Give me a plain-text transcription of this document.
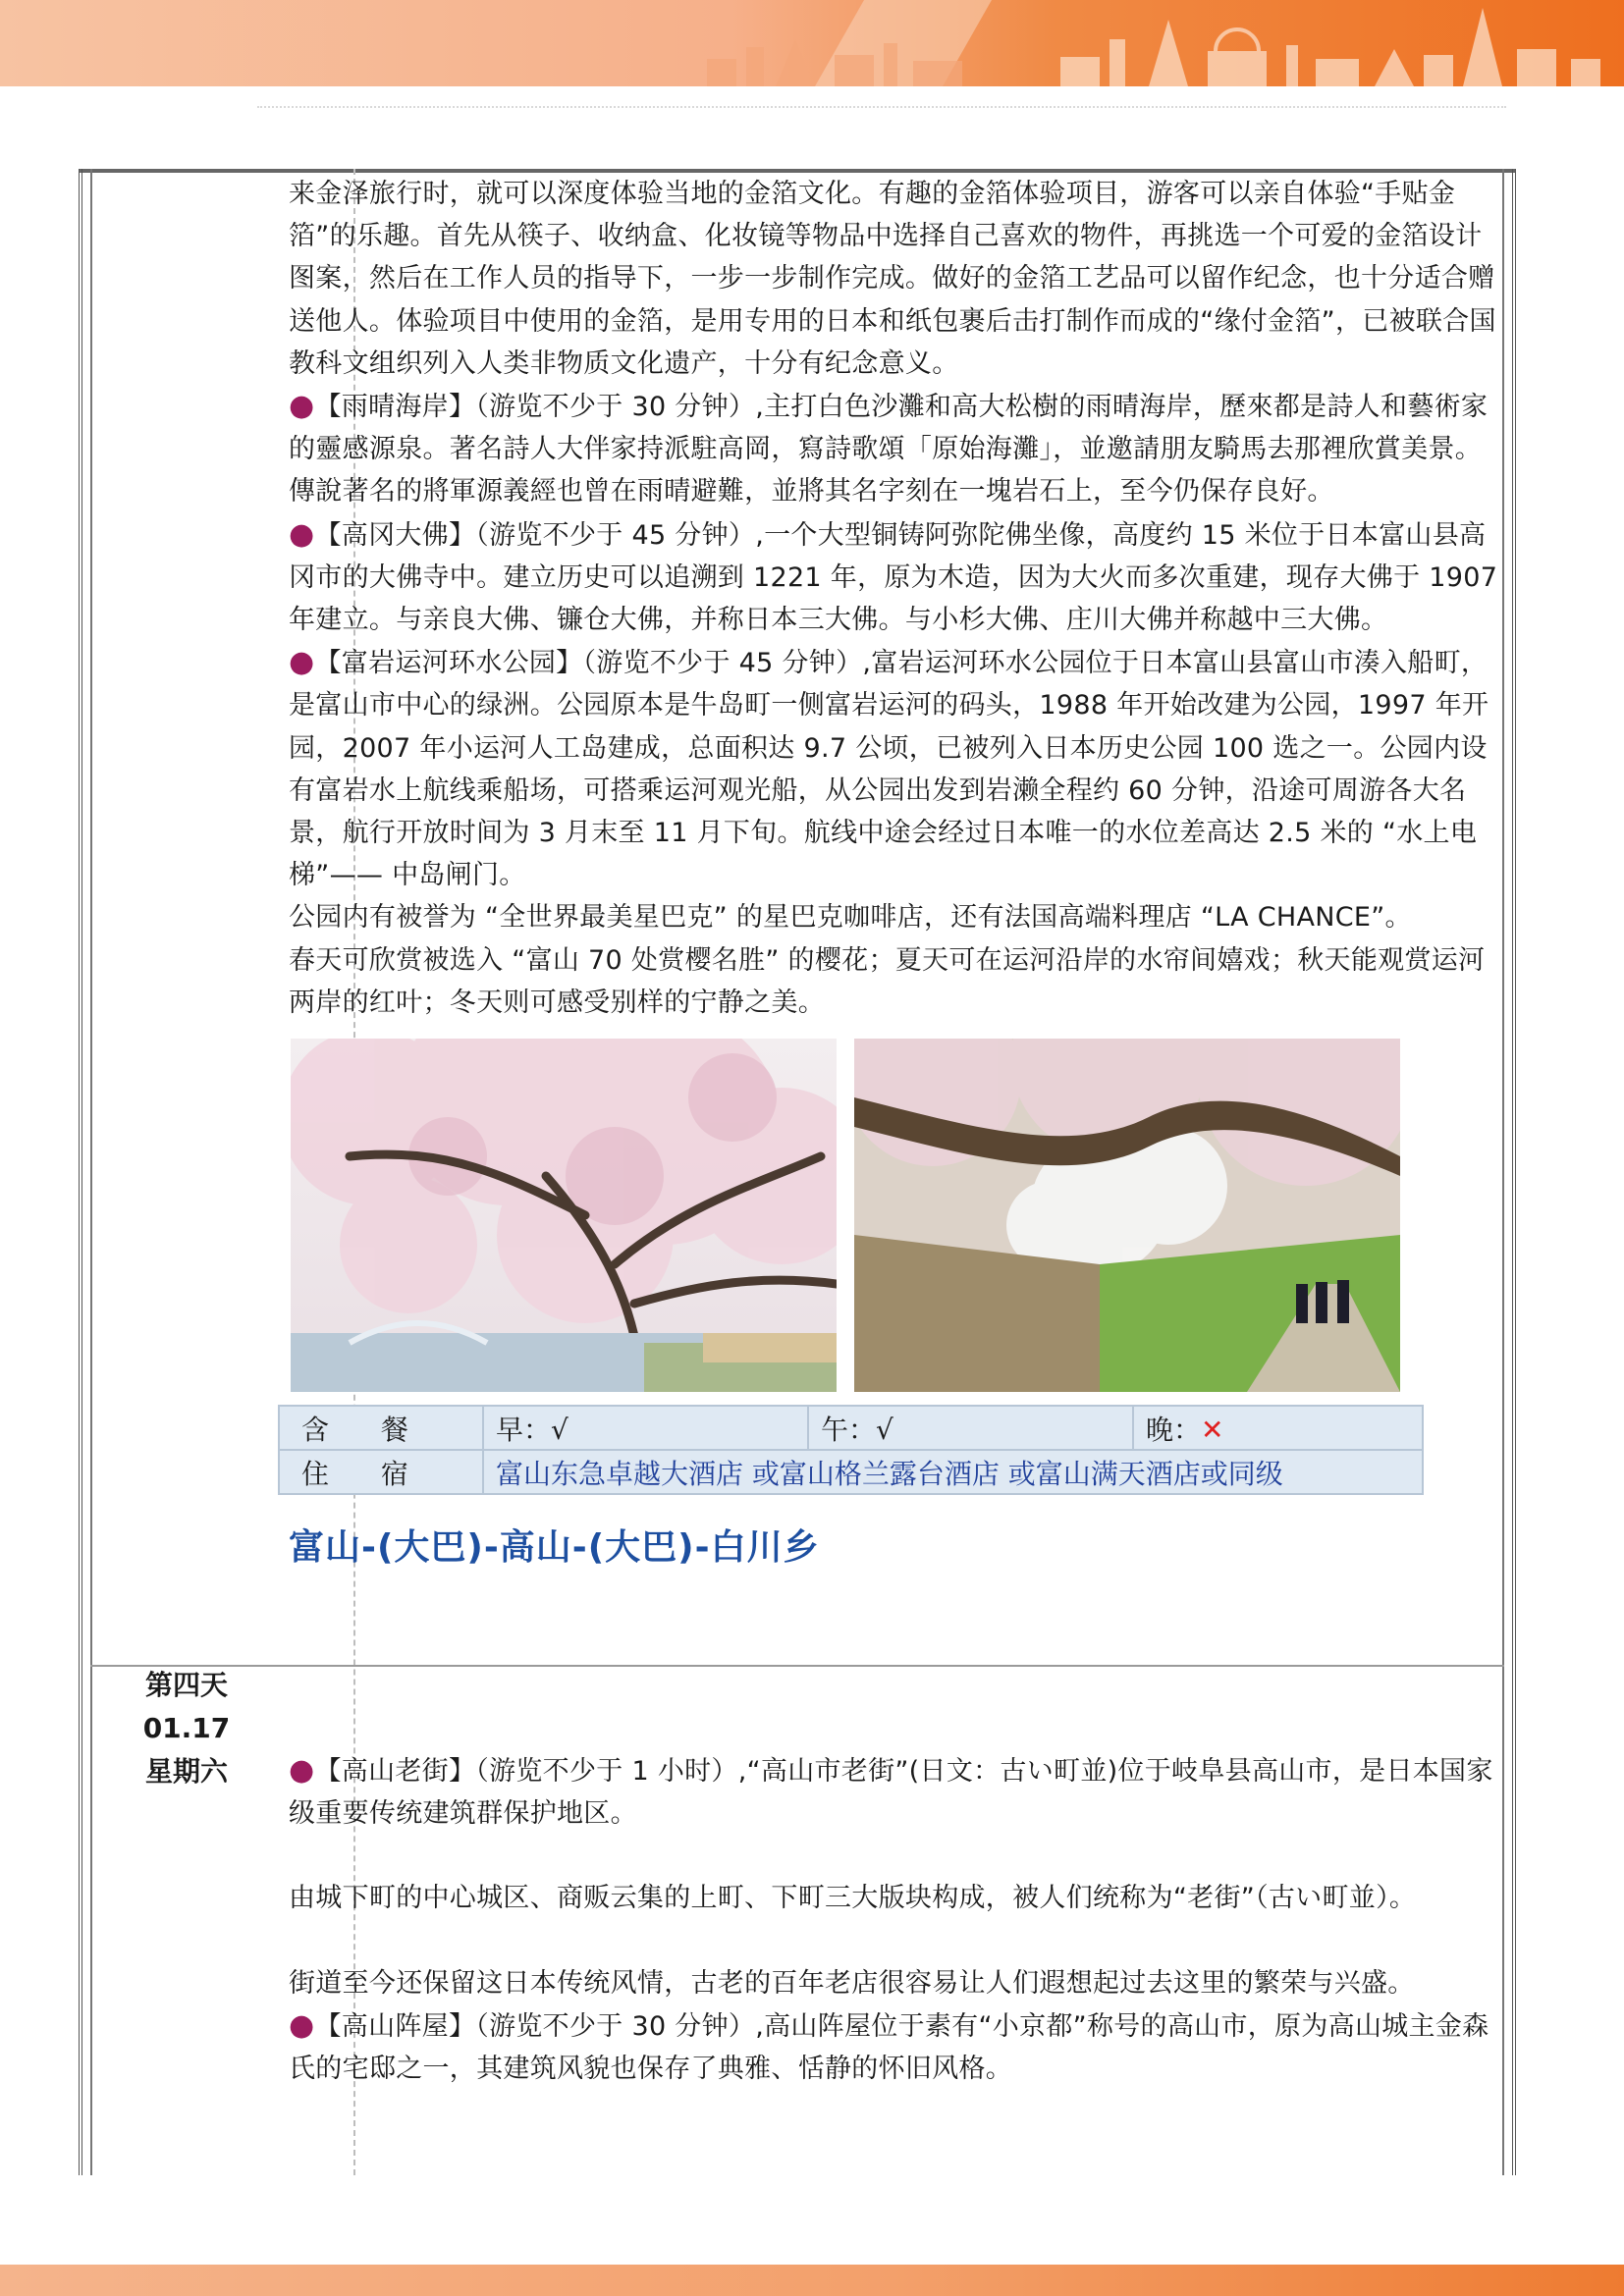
来金泽旅行时，就可以深度体验当地的金箔文化。有趣的金箔体验项目，游客可以亲自体验“手贴金箔”的乐趣。首先从筷子、收纳盒、化妆镜等物品中选择自己喜欢的物件，再挑选一个可爱的金箔设计图案，然后在工作人员的指导下，一步一步制作完成。做好的金箔工艺品可以留作纪念，也十分适合赠送他人。体验项目中使用的金箔，是用专用的日本和纸包裹后击打制作而成的“缘付金箔”，已被联合国教科文组织列入人类非物质文化遗产，十分有纪念意义。

●【雨晴海岸】（游览不少于 30 分钟）,主打白色沙灘和高大松樹的雨晴海岸，歷來都是詩人和藝術家的靈感源泉。著名詩人大伴家持派駐高岡，寫詩歌頌「原始海灘」，並邀請朋友騎馬去那裡欣賞美景。傳說著名的將軍源義經也曾在雨晴避難，並將其名字刻在一塊岩石上，至今仍保存良好。

●【高冈大佛】（游览不少于 45 分钟）,一个大型铜铸阿弥陀佛坐像，高度约 15 米位于日本富山县高冈市的大佛寺中。建立历史可以追溯到 1221 年，原为木造，因为大火而多次重建，现存大佛于 1907 年建立。与亲良大佛、镰仓大佛，并称日本三大佛。与小杉大佛、庄川大佛并称越中三大佛。

●【富岩运河环水公园】（游览不少于 45 分钟）,富岩运河环水公园位于日本富山县富山市湊入船町，是富山市中心的绿洲。公园原本是牛岛町一侧富岩运河的码头，1988 年开始改建为公园，1997 年开园，2007 年小运河人工岛建成，总面积达 9.7 公顷，已被列入日本历史公园 100 选之一。公园内设有富岩水上航线乘船场，可搭乘运河观光船，从公园出发到岩濑全程约 60 分钟，沿途可周游各大名景，航行开放时间为 3 月末至 11 月下旬。航线中途会经过日本唯一的水位差高达 2.5 米的 “水上电梯”—— 中岛闸门。

公园内有被誉为 “全世界最美星巴克” 的星巴克咖啡店，还有法国高端料理店 “LA CHANCE”。

春天可欣赏被选入 “富山 70 处赏樱名胜” 的樱花；夏天可在运河沿岸的水帘间嬉戏；秋天能观赏运河两岸的红叶；冬天则可感受别样的宁静之美。

含 餐	早：√	午：√	晚：✕
住 宿	富山东急卓越大酒店 或富山格兰露台酒店 或富山满天酒店或同级		
第四天
01.17
星期六
富山-(大巴)-高山-(大巴)-白川乡

●【高山老街】（游览不少于 1 小时）,“高山市老街”(日文：古い町並)位于岐阜县高山市，是日本国家级重要传统建筑群保护地区。

由城下町的中心城区、商贩云集的上町、下町三大版块构成，被人们统称为“老街”（古い町並）。

街道至今还保留这日本传统风情，古老的百年老店很容易让人们遐想起过去这里的繁荣与兴盛。

●【高山阵屋】（游览不少于 30 分钟）,高山阵屋位于素有“小京都”称号的高山市，原为高山城主金森氏的宅邸之一，其建筑风貌也保存了典雅、恬静的怀旧风格。
